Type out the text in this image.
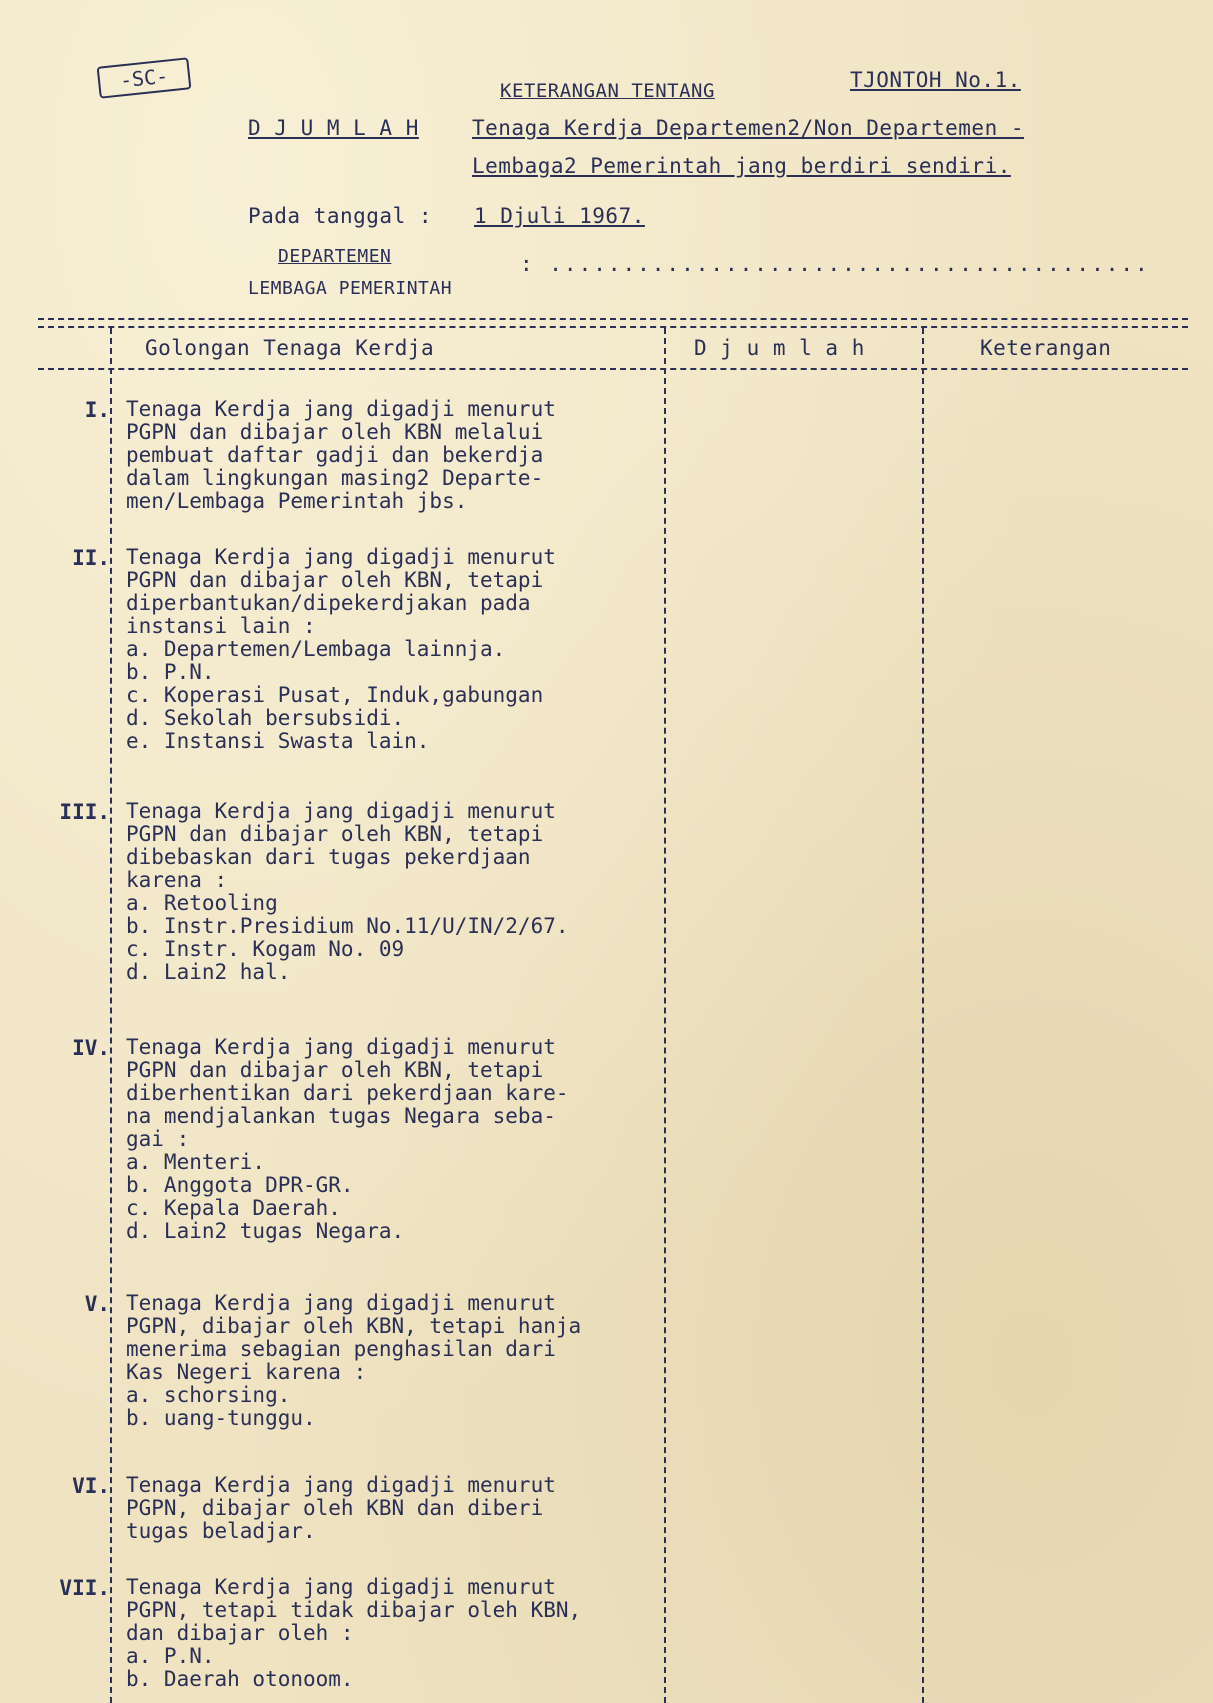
-SC-	KETERANGAN TENTANG	TJONTOH No.1.
D J U M L A H	Tenaga Kerdja Departemen2/Non Departemen -
Lembaga2 Pemerintah jang berdiri sendiri.
Pada tanggal : 1 Djuli 1967.
DEPARTEMEN	: .........................................
LEMBAGA PEMERINTAH
Golongan Tenaga Kerdja	D j u m l a h	Keterangan
I. Tenaga Kerdja jang digadji menurut
PGPN dan dibajar oleh KBN melalui
pembuat daftar gadji dan bekerdja
dalam lingkungan masing2 Departe-
men/Lembaga Pemerintah jbs.
II. Tenaga Kerdja jang digadji menurut
PGPN dan dibajar oleh KBN, tetapi
diperbantukan/dipekerdjakan pada
instansi lain :
a. Departemen/Lembaga lainnja.
b. P.N.
c. Koperasi Pusat, Induk,gabungan
d. Sekolah bersubsidi.
e. Instansi Swasta lain.
III. Tenaga Kerdja jang digadji menurut
PGPN dan dibajar oleh KBN, tetapi
dibebaskan dari tugas pekerdjaan
karena :
a. Retooling
b. Instr.Presidium No.11/U/IN/2/67.
c. Instr. Kogam No. 09
d. Lain2 hal.
IV. Tenaga Kerdja jang digadji menurut
PGPN dan dibajar oleh KBN, tetapi
diberhentikan dari pekerdjaan kare-
na mendjalankan tugas Negara seba-
gai :
a. Menteri.
b. Anggota DPR-GR.
c. Kepala Daerah.
d. Lain2 tugas Negara.
V. Tenaga Kerdja jang digadji menurut
PGPN, dibajar oleh KBN, tetapi hanja
menerima sebagian penghasilan dari
Kas Negeri karena :
a. schorsing.
b. uang-tunggu.
VI. Tenaga Kerdja jang digadji menurut
PGPN, dibajar oleh KBN dan diberi
tugas beladjar.
VII. Tenaga Kerdja jang digadji menurut
PGPN, tetapi tidak dibajar oleh KBN,
dan dibajar oleh :
a. P.N.
b. Daerah otonoom.
